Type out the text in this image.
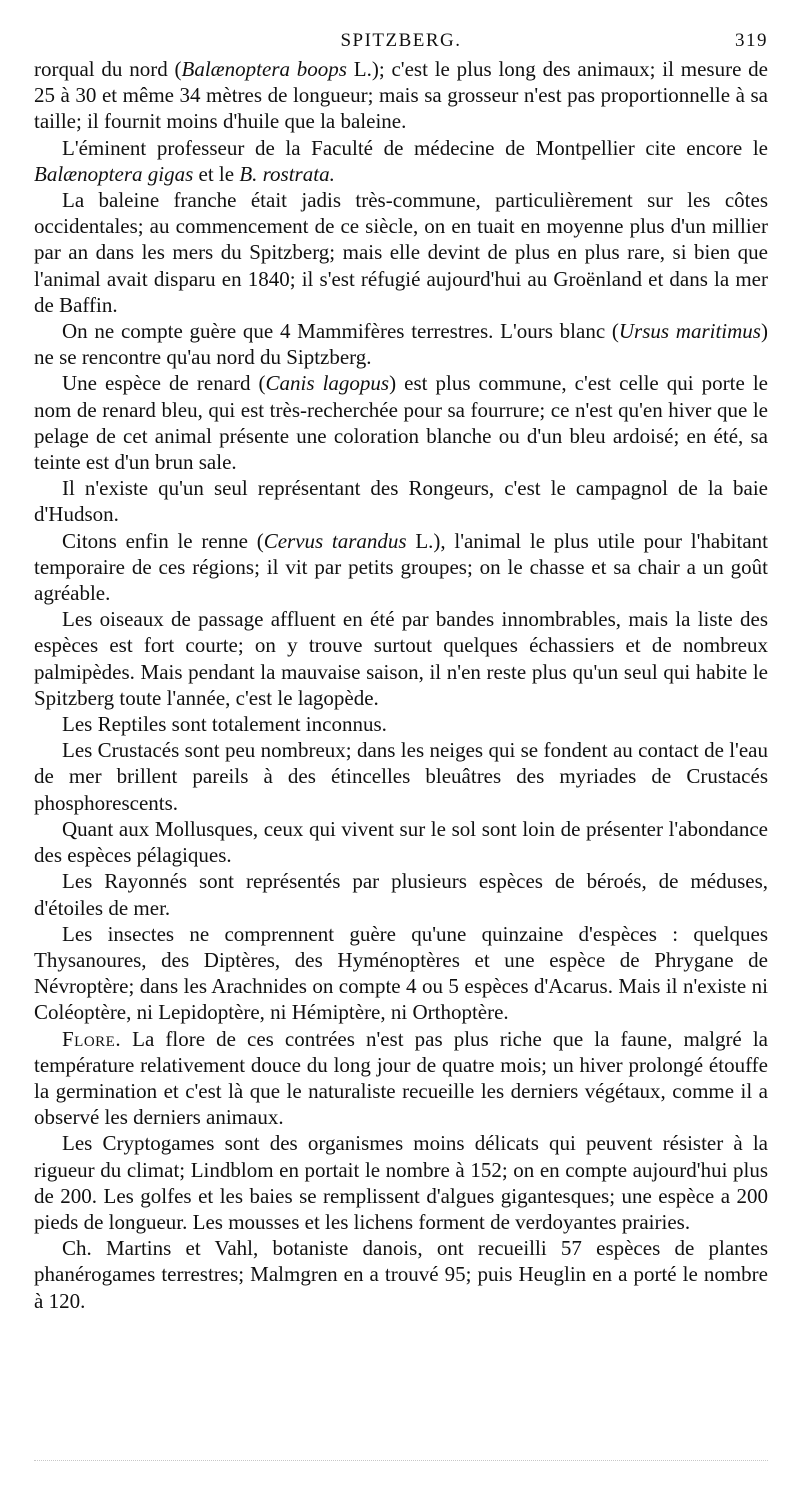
SPITZBERG.	319

rorqual du nord (Balænoptera boops L.); c'est le plus long des animaux; il mesure de 25 à 30 et même 34 mètres de longueur; mais sa grosseur n'est pas proportionnelle à sa taille; il fournit moins d'huile que la baleine.

L'éminent professeur de la Faculté de médecine de Montpellier cite encore le Balænoptera gigas et le B. rostrata.

La baleine franche était jadis très-commune, particulièrement sur les côtes occidentales; au commencement de ce siècle, on en tuait en moyenne plus d'un millier par an dans les mers du Spitzberg; mais elle devint de plus en plus rare, si bien que l'animal avait disparu en 1840; il s'est réfugié aujourd'hui au Groënland et dans la mer de Baffin.

On ne compte guère que 4 Mammifères terrestres. L'ours blanc (Ursus maritimus) ne se rencontre qu'au nord du Siptzberg.

Une espèce de renard (Canis lagopus) est plus commune, c'est celle qui porte le nom de renard bleu, qui est très-recherchée pour sa fourrure; ce n'est qu'en hiver que le pelage de cet animal présente une coloration blanche ou d'un bleu ardoisé; en été, sa teinte est d'un brun sale.

Il n'existe qu'un seul représentant des Rongeurs, c'est le campagnol de la baie d'Hudson.

Citons enfin le renne (Cervus tarandus L.), l'animal le plus utile pour l'habitant temporaire de ces régions; il vit par petits groupes; on le chasse et sa chair a un goût agréable.

Les oiseaux de passage affluent en été par bandes innombrables, mais la liste des espèces est fort courte; on y trouve surtout quelques échassiers et de nombreux palmipèdes. Mais pendant la mauvaise saison, il n'en reste plus qu'un seul qui habite le Spitzberg toute l'année, c'est le lagopède.

Les Reptiles sont totalement inconnus.

Les Crustacés sont peu nombreux; dans les neiges qui se fondent au contact de l'eau de mer brillent pareils à des étincelles bleuâtres des myriades de Crustacés phosphorescents.

Quant aux Mollusques, ceux qui vivent sur le sol sont loin de présenter l'abondance des espèces pélagiques.

Les Rayonnés sont représentés par plusieurs espèces de béroés, de méduses, d'étoiles de mer.

Les insectes ne comprennent guère qu'une quinzaine d'espèces : quelques Thysanoures, des Diptères, des Hyménoptères et une espèce de Phrygane de Névroptère; dans les Arachnides on compte 4 ou 5 espèces d'Acarus. Mais il n'existe ni Coléoptère, ni Lepidoptère, ni Hémiptère, ni Orthoptère.

Flore. La flore de ces contrées n'est pas plus riche que la faune, malgré la température relativement douce du long jour de quatre mois; un hiver prolongé étouffe la germination et c'est là que le naturaliste recueille les derniers végétaux, comme il a observé les derniers animaux.

Les Cryptogames sont des organismes moins délicats qui peuvent résister à la rigueur du climat; Lindblom en portait le nombre à 152; on en compte aujourd'hui plus de 200. Les golfes et les baies se remplissent d'algues gigantesques; une espèce a 200 pieds de longueur. Les mousses et les lichens forment de verdoyantes prairies.

Ch. Martins et Vahl, botaniste danois, ont recueilli 57 espèces de plantes phanérogames terrestres; Malmgren en a trouvé 95; puis Heuglin en a porté le nombre à 120.
